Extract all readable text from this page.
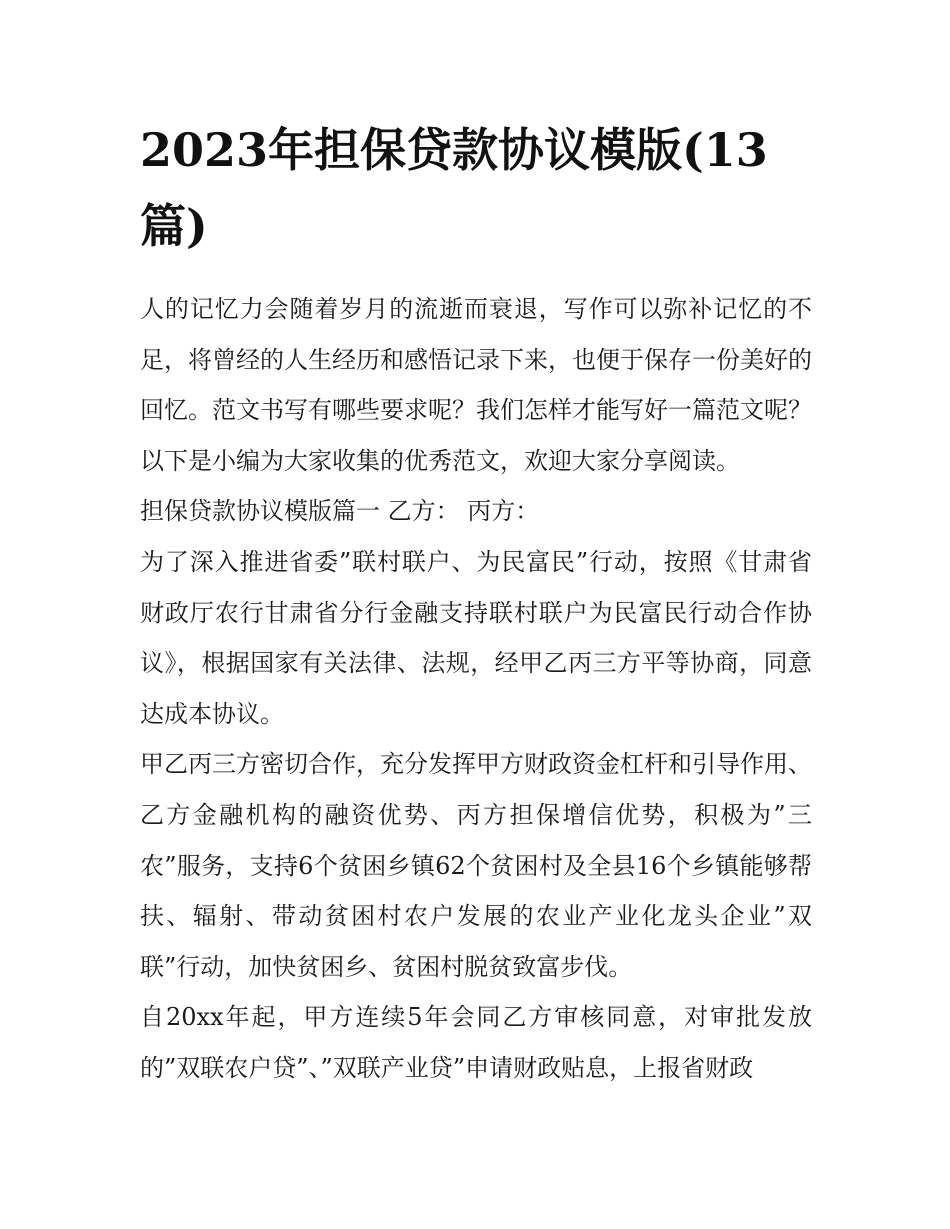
2023年担保贷款协议模版(13篇)

人的记忆力会随着岁月的流逝而衰退，写作可以弥补记忆的不足，将曾经的人生经历和感悟记录下来，也便于保存一份美好的回忆。范文书写有哪些要求呢？我们怎样才能写好一篇范文呢？以下是小编为大家收集的优秀范文，欢迎大家分享阅读。

担保贷款协议模版篇一 乙方： 丙方：

为了深入推进省委”联村联户、为民富民”行动，按照《甘肃省财政厅农行甘肃省分行金融支持联村联户为民富民行动合作协议》，根据国家有关法律、法规，经甲乙丙三方平等协商，同意达成本协议。

甲乙丙三方密切合作，充分发挥甲方财政资金杠杆和引导作用、乙方金融机构的融资优势、丙方担保增信优势，积极为”三农”服务，支持6个贫困乡镇62个贫困村及全县16个乡镇能够帮扶、辐射、带动贫困村农户发展的农业产业化龙头企业”双联”行动，加快贫困乡、贫困村脱贫致富步伐。

自20xx年起，甲方连续5年会同乙方审核同意，对审批发放的”双联农户贷”、”双联产业贷”申请财政贴息，上报省财政
